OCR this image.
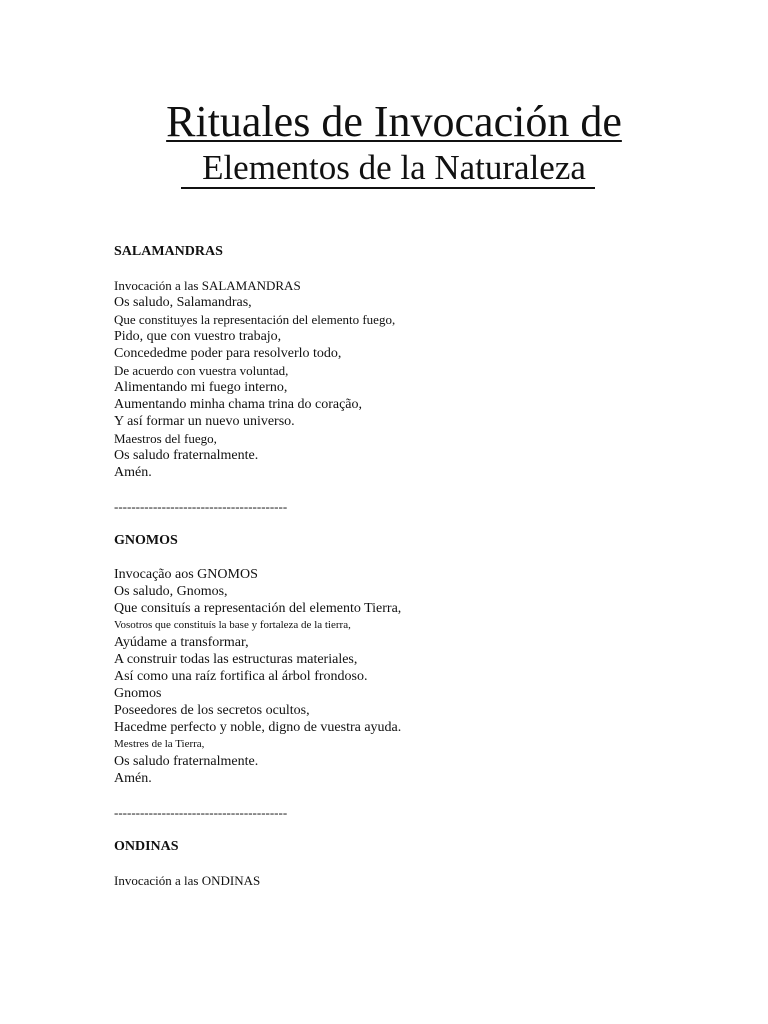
Rituales de Invocación de
Elementos de la Naturaleza
SALAMANDRAS
Invocación a las SALAMANDRAS
Os saludo, Salamandras,
Que constituyes la representación del elemento fuego,
Pido, que con vuestro trabajo,
Concededme poder para resolverlo todo,
De acuerdo con vuestra voluntad,
Alimentando mi fuego interno,
Aumentando minha chama trina do coração,
Y así formar un nuevo universo.
Maestros del fuego,
Os saludo fraternalmente.
Amén.
----------------------------------------
GNOMOS
Invocação aos GNOMOS
Os saludo, Gnomos,
Que consituís a representación del elemento Tierra,
Vosotros que constituís la base y fortaleza de la tierra,
Ayúdame a transformar,
A construir todas las estructuras materiales,
Así como una raíz fortifica al árbol frondoso.
Gnomos
Poseedores de los secretos ocultos,
Hacedme perfecto y noble, digno de vuestra ayuda.
Mestres de la Tierra,
Os saludo fraternalmente.
Amén.
----------------------------------------
ONDINAS
Invocación a las ONDINAS
